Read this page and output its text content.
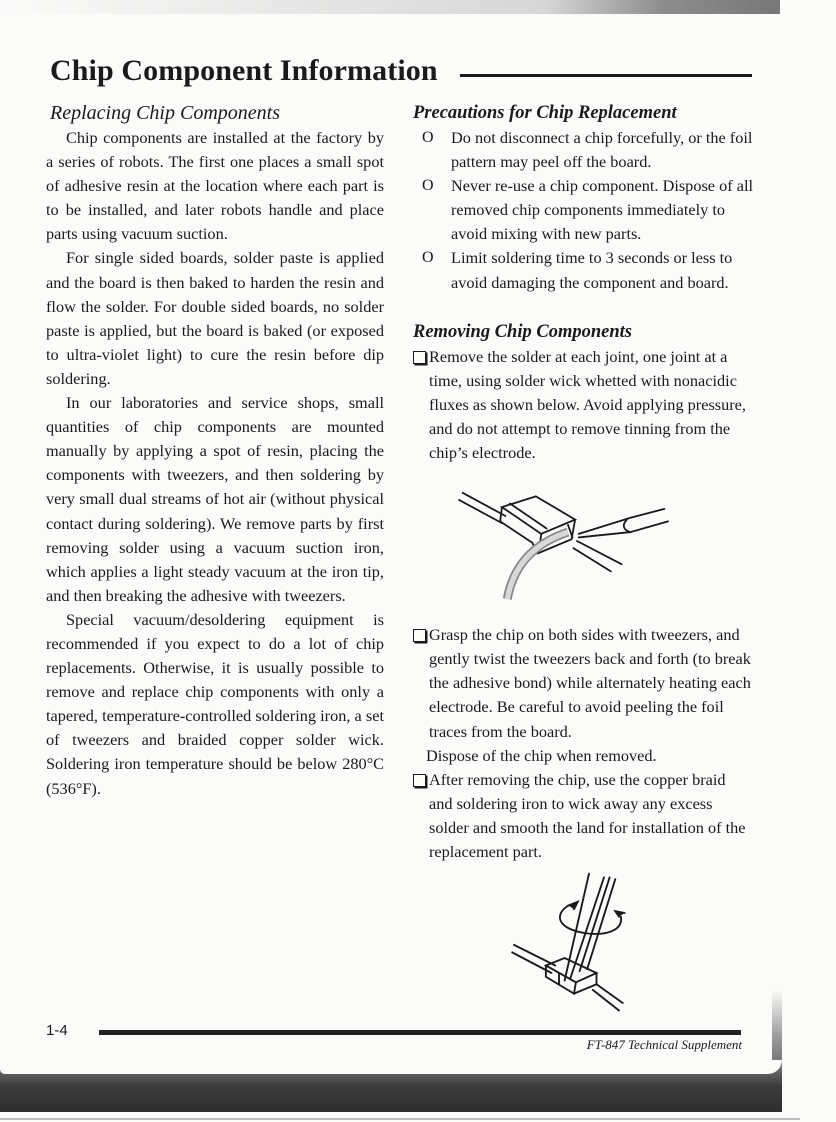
Chip Component Information
Replacing Chip Components

Chip components are installed at the factory by a series of robots. The first one places a small spot of adhesive resin at the location where each part is to be installed, and later robots handle and place parts using vacuum suction.

For single sided boards, solder paste is applied and the board is then baked to harden the resin and flow the solder. For double sided boards, no solder paste is applied, but the board is baked (or exposed to ultra-violet light) to cure the resin before dip soldering.

In our laboratories and service shops, small quantities of chip components are mounted manually by applying a spot of resin, placing the components with tweezers, and then soldering by very small dual streams of hot air (without physical contact during soldering). We remove parts by first removing solder using a vacuum suction iron, which applies a light steady vacuum at the iron tip, and then breaking the adhesive with tweezers.

Special vacuum/desoldering equipment is recommended if you expect to do a lot of chip replacements. Otherwise, it is usually possible to remove and replace chip components with only a tapered, temperature-controlled soldering iron, a set of tweezers and braided copper solder wick. Soldering iron temperature should be below 280°C (536°F).

Precautions for Chip Replacement
O Do not disconnect a chip forcefully, or the foil pattern may peel off the board.
O Never re-use a chip component. Dispose of all removed chip components immediately to avoid mixing with new parts.
O Limit soldering time to 3 seconds or less to avoid damaging the component and board.
Removing Chip Components
Remove the solder at each joint, one joint at a time, using solder wick whetted with nonacidic fluxes as shown below. Avoid applying pressure, and do not attempt to remove tinning from the chip’s electrode.
Grasp the chip on both sides with tweezers, and gently twist the tweezers back and forth (to break the adhesive bond) while alternately heating each electrode. Be careful to avoid peeling the foil traces from the board.
Dispose of the chip when removed.
After removing the chip, use the copper braid and soldering iron to wick away any excess solder and smooth the land for installation of the replacement part.
1-4
FT-847 Technical Supplement
